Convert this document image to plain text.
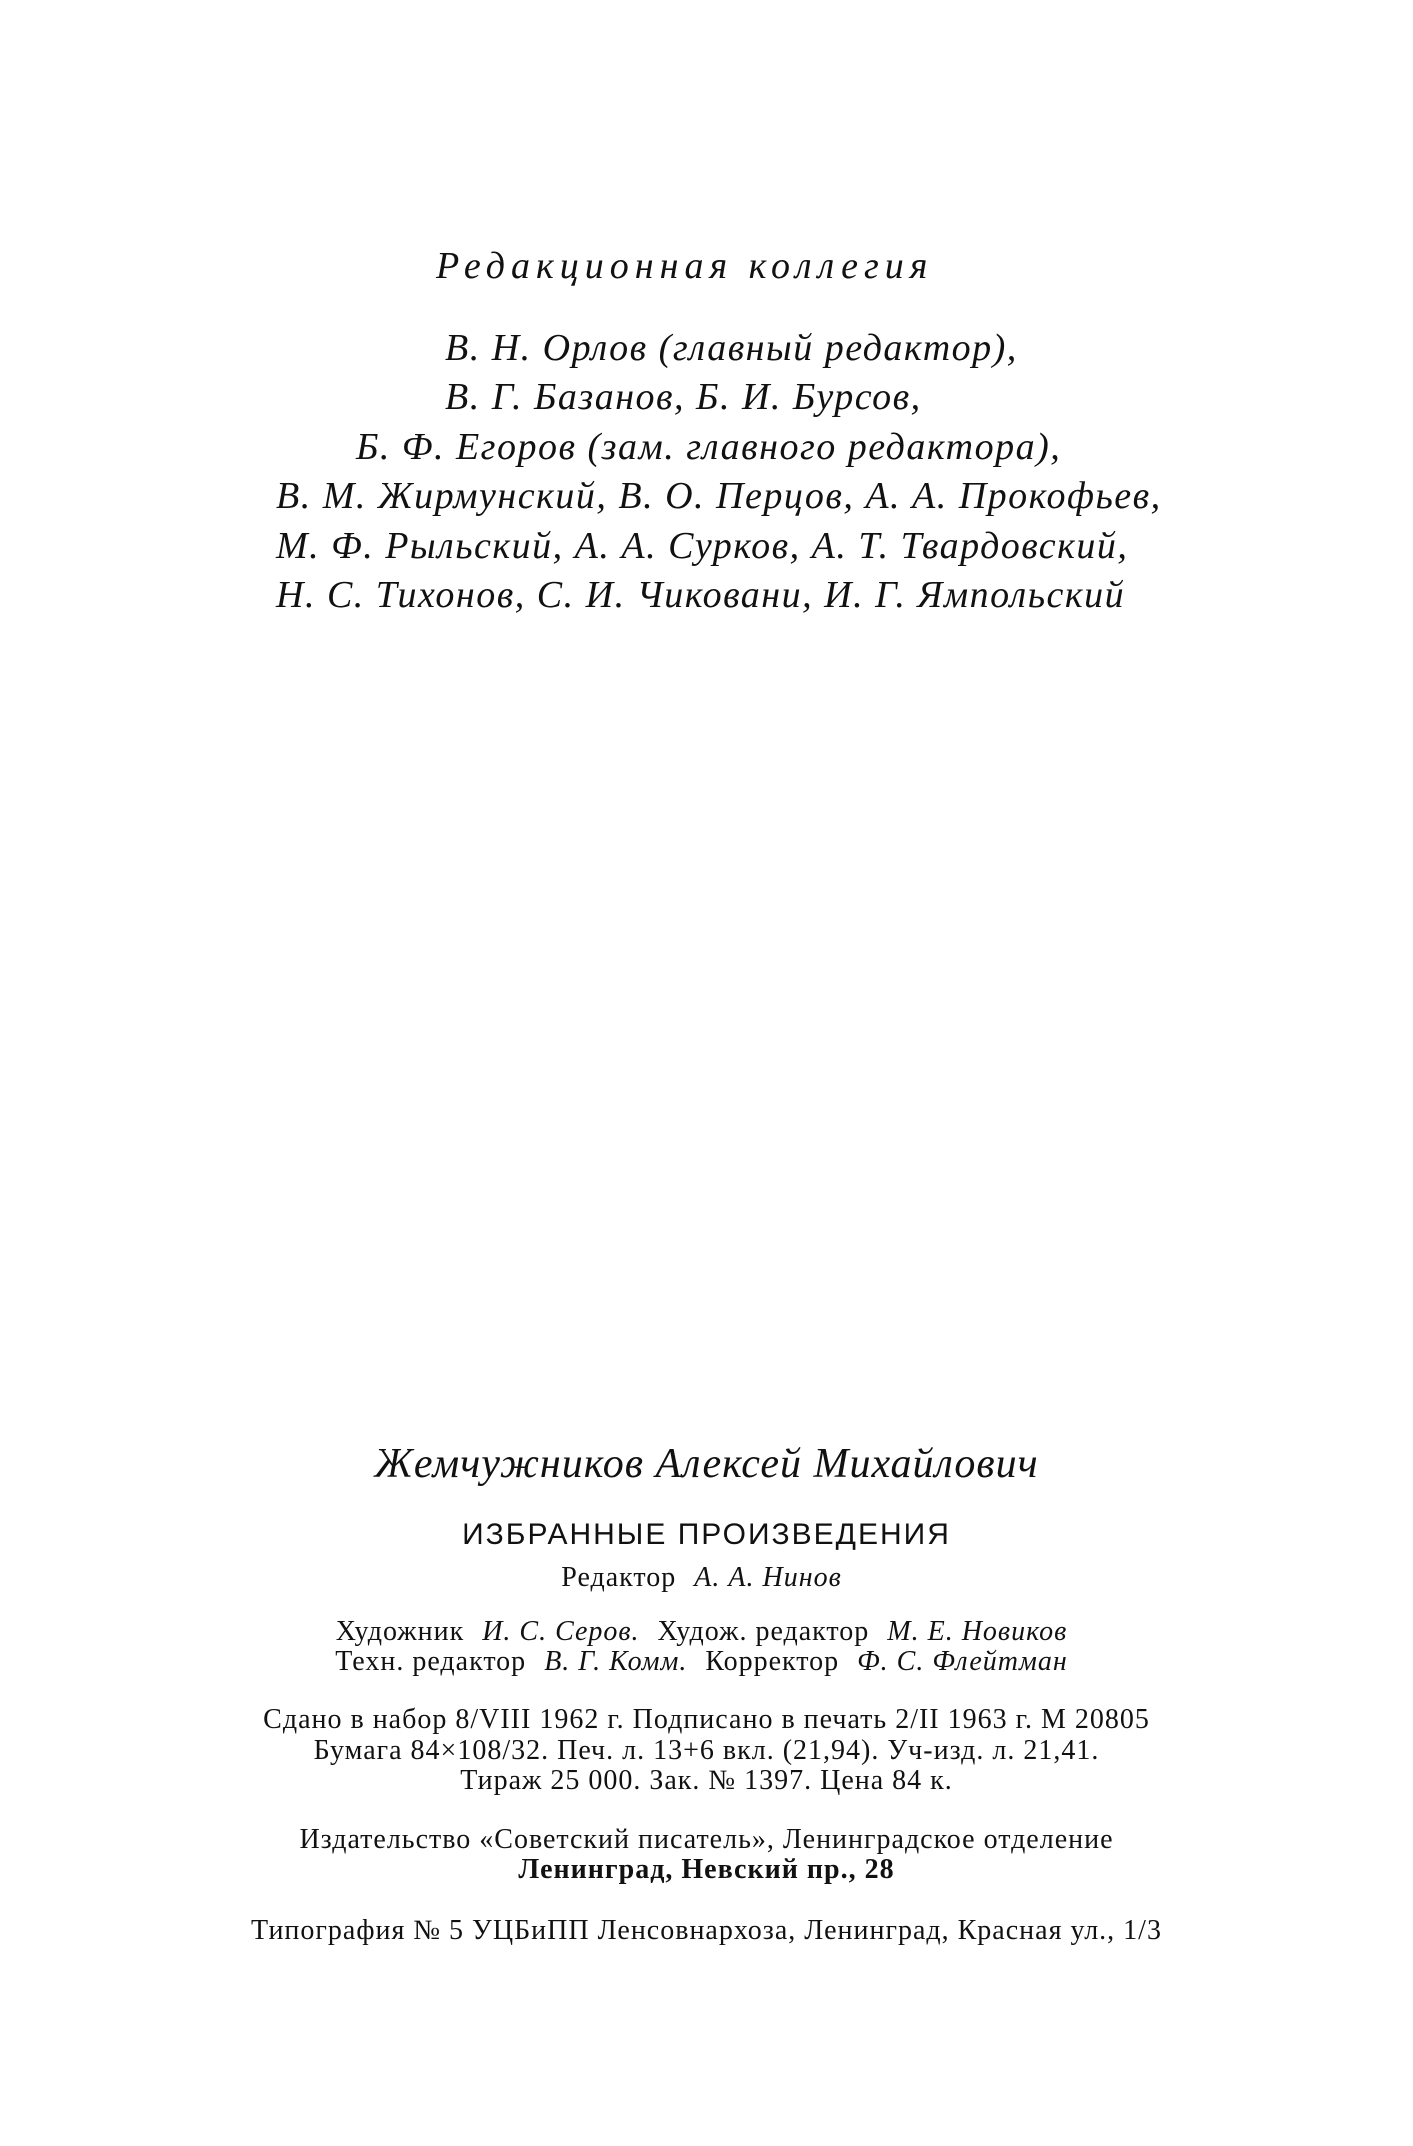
Редакционная коллегия
В. Н. Орлов (главный редактор),
В. Г. Базанов, Б. И. Бурсов,
Б. Ф. Егоров (зам. главного редактора),
В. М. Жирмунский, В. О. Перцов, А. А. Прокофьев,
М. Ф. Рыльский, А. А. Сурков, А. Т. Твардовский,
Н. С. Тихонов, С. И. Чиковани, И. Г. Ямпольский
Жемчужников Алексей Михайлович
ИЗБРАННЫЕ ПРОИЗВЕДЕНИЯ
Редактор А. А. Нинов
Художник И. С. Серов. Худож. редактор М. Е. Новиков
Техн. редактор В. Г. Комм. Корректор Ф. С. Флейтман
Сдано в набор 8/VIII 1962 г. Подписано в печать 2/II 1963 г. М 20805
Бумага 84×108/32. Печ. л. 13+6 вкл. (21,94). Уч-изд. л. 21,41.
Тираж 25 000. Зак. № 1397. Цена 84 к.
Издательство «Советский писатель», Ленинградское отделение
Ленинград, Невский пр., 28
Типография № 5 УЦБиПП Ленсовнархоза, Ленинград, Красная ул., 1/3
